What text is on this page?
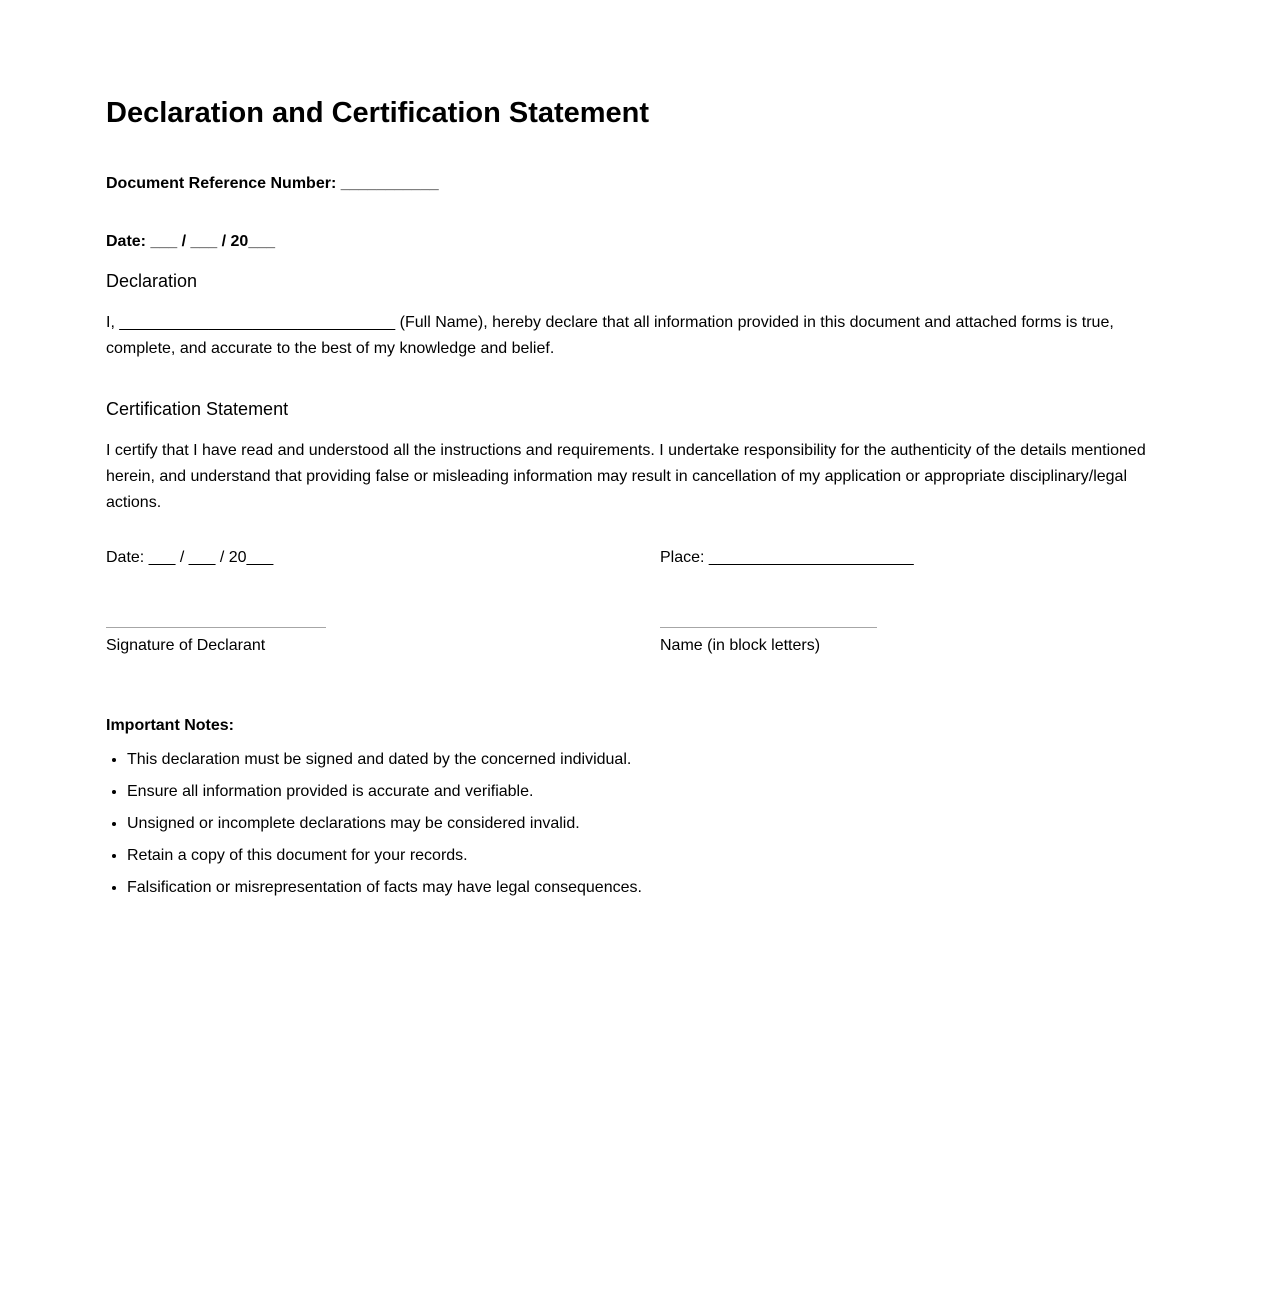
Declaration and Certification Statement

Document Reference Number: ___________

Date: ___ / ___ / 20___

Declaration

I, _______________________________ (Full Name), hereby declare that all information provided in this document and attached forms is true, complete, and accurate to the best of my knowledge and belief.

Certification Statement

I certify that I have read and understood all the instructions and requirements. I undertake responsibility for the authenticity of the details mentioned herein, and understand that providing false or misleading information may result in cancellation of my application or appropriate disciplinary/legal actions.

Date: ___ / ___ / 20___	Place: _______________________
Signature of Declarant	Name (in block letters)

Important Notes:

• This declaration must be signed and dated by the concerned individual.
• Ensure all information provided is accurate and verifiable.
• Unsigned or incomplete declarations may be considered invalid.
• Retain a copy of this document for your records.
• Falsification or misrepresentation of facts may have legal consequences.
